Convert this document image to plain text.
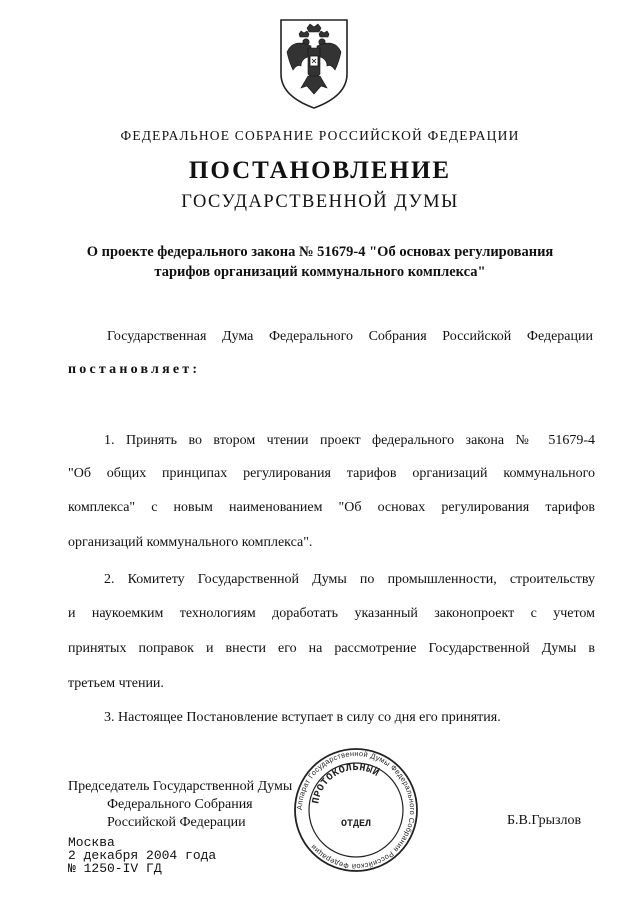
ФЕДЕРАЛЬНОЕ СОБРАНИЕ РОССИЙСКОЙ ФЕДЕРАЦИИ
ПОСТАНОВЛЕНИЕ
ГОСУДАРСТВЕННОЙ ДУМЫ
О проекте федерального закона № 51679-4 "Об основах регулирования
тарифов организаций коммунального комплекса"
Государственная Дума Федерального Собрания Российской Федерации
постановляет:
1. Принять во втором чтении проект федерального закона № 51679-4
"Об общих принципах регулирования тарифов организаций коммунального
комплекса" с новым наименованием "Об основах регулирования тарифов
организаций коммунального комплекса".
2. Комитету Государственной Думы по промышленности, строительству
и наукоемким технологиям доработать указанный законопроект с учетом
принятых поправок и внести его на рассмотрение Государственной Думы в
третьем чтении.
3. Настоящее Постановление вступает в силу со дня его принятия.
Председатель Государственной Думы
Федерального Собрания
Российской Федерации	Б.В.Грызлов
Аппарат Государственной Думы Федерального Собрания Российской Федерации
ПРОТОКОЛЬНЫЙ
ОТДЕЛ
Москва
2 декабря 2004 года
№ 1250-IV ГД
